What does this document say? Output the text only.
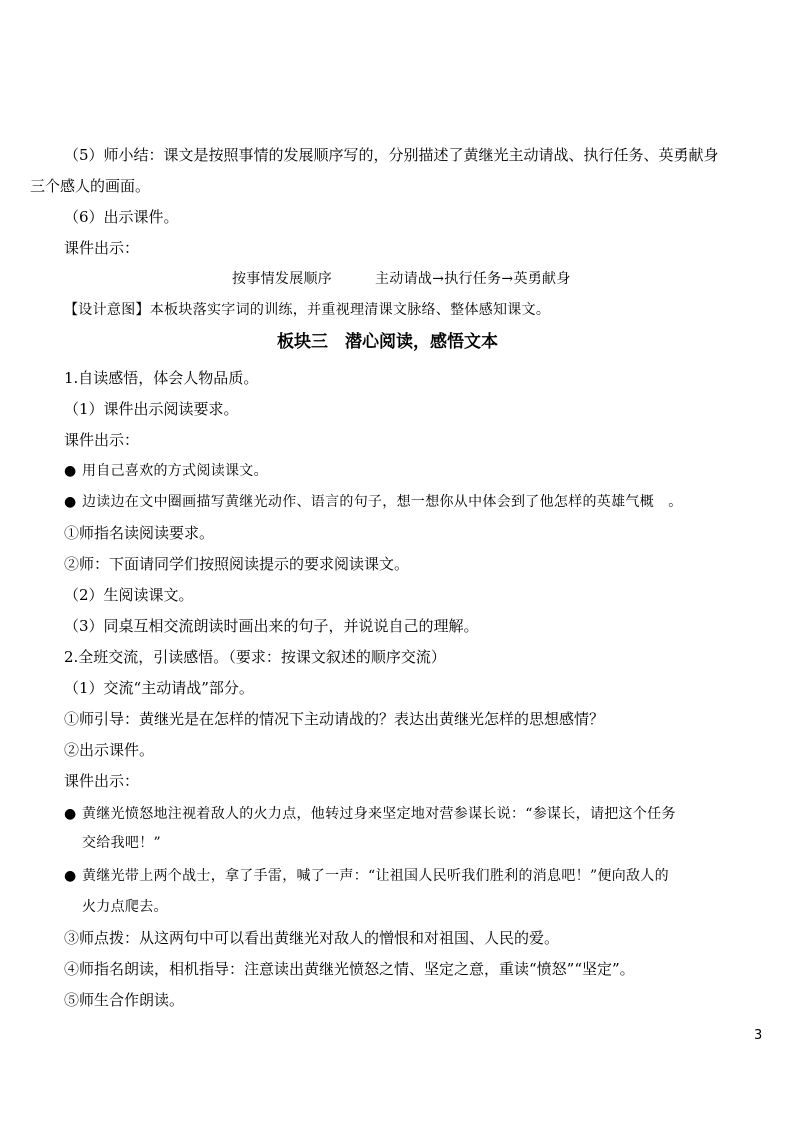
（5）师小结：课文是按照事情的发展顺序写的，分别描述了黄继光主动请战、执行任务、英勇献身
三个感人的画面。
（6）出示课件。
课件出示：
按事情发展顺序	主动请战→执行任务→英勇献身
【设计意图】本板块落实字词的训练，并重视理清课文脉络、整体感知课文。
板块三　潜心阅读，感悟文本
1.自读感悟，体会人物品质。
（1）课件出示阅读要求。
课件出示：
● 用自己喜欢的方式阅读课文。
● 边读边在文中圈画描写黄继光动作、语言的句子，想一想你从中体会到了他怎样的英雄气概　。
①师指名读阅读要求。
②师：下面请同学们按照阅读提示的要求阅读课文。
（2）生阅读课文。
（3）同桌互相交流朗读时画出来的句子，并说说自己的理解。
2.全班交流，引读感悟。（要求：按课文叙述的顺序交流）
（1）交流“主动请战”部分。
①师引导：黄继光是在怎样的情况下主动请战的？表达出黄继光怎样的思想感情？
②出示课件。
课件出示：
● 黄继光愤怒地注视着敌人的火力点，他转过身来坚定地对营参谋长说：“参谋长，请把这个任务
交给我吧！”
● 黄继光带上两个战士，拿了手雷，喊了一声：“让祖国人民听我们胜利的消息吧！”便向敌人的
火力点爬去。
③师点拨：从这两句中可以看出黄继光对敌人的憎恨和对祖国、人民的爱。
④师指名朗读，相机指导：注意读出黄继光愤怒之情、坚定之意，重读“愤怒”“坚定”。
⑤师生合作朗读。
3
